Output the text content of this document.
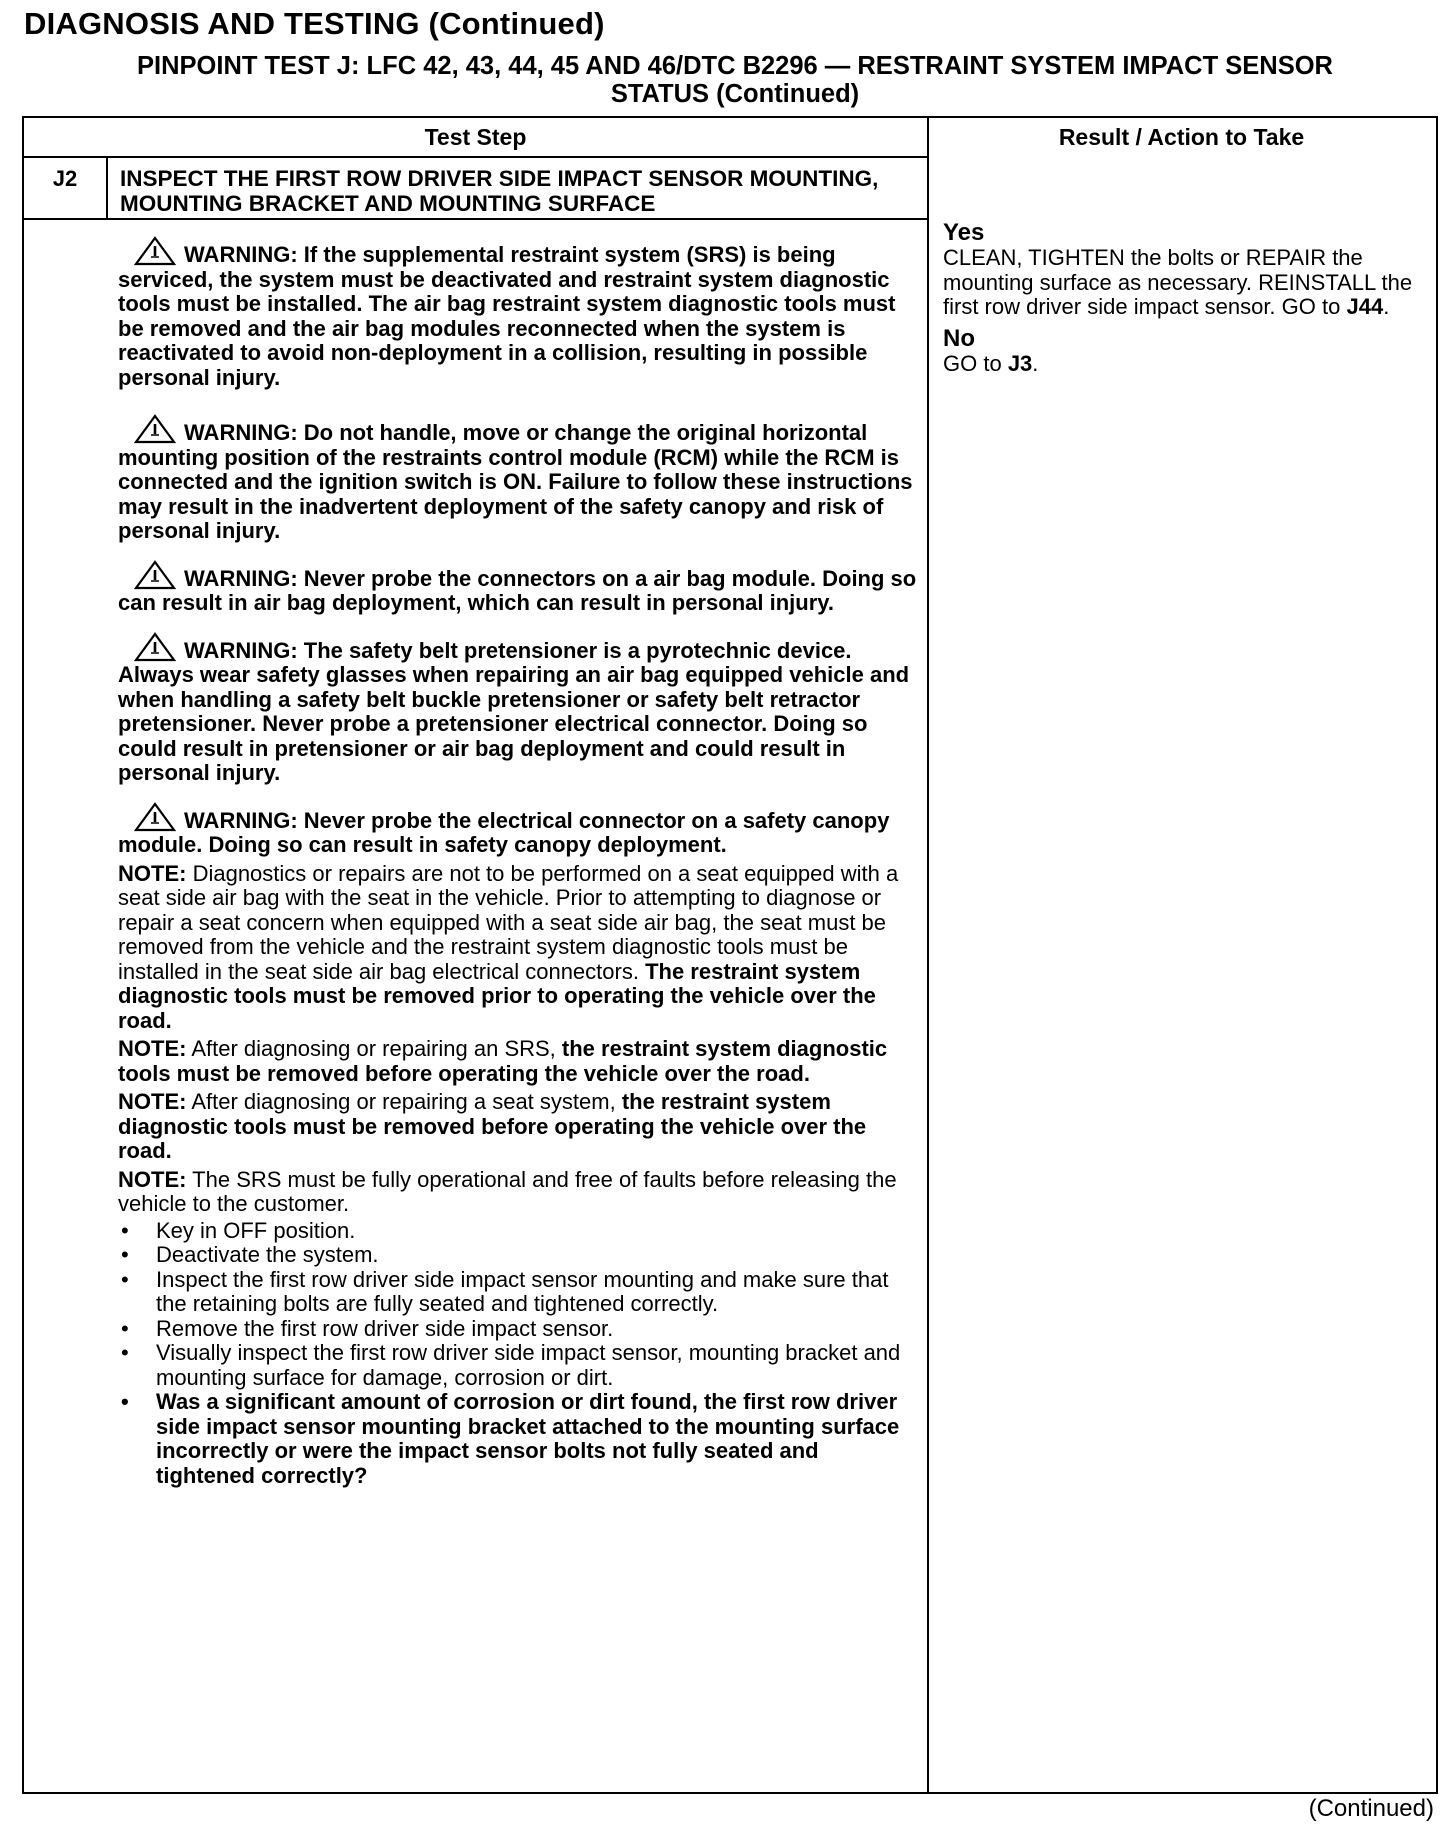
DIAGNOSIS AND TESTING (Continued)
PINPOINT TEST J: LFC 42, 43, 44, 45 AND 46/DTC B2296 — RESTRAINT SYSTEM IMPACT SENSOR
STATUS (Continued)
Test Step	Result / Action to Take
J2	INSPECT THE FIRST ROW DRIVER SIDE IMPACT SENSOR MOUNTING, MOUNTING BRACKET AND MOUNTING SURFACE
WARNING: If the supplemental restraint system (SRS) is being serviced, the system must be deactivated and restraint system diagnostic tools must be installed. The air bag restraint system diagnostic tools must be removed and the air bag modules reconnected when the system is reactivated to avoid non-deployment in a collision, resulting in possible personal injury.
WARNING: Do not handle, move or change the original horizontal mounting position of the restraints control module (RCM) while the RCM is connected and the ignition switch is ON. Failure to follow these instructions may result in the inadvertent deployment of the safety canopy and risk of personal injury.
WARNING: Never probe the connectors on a air bag module. Doing so can result in air bag deployment, which can result in personal injury.
WARNING: The safety belt pretensioner is a pyrotechnic device. Always wear safety glasses when repairing an air bag equipped vehicle and when handling a safety belt buckle pretensioner or safety belt retractor pretensioner. Never probe a pretensioner electrical connector. Doing so could result in pretensioner or air bag deployment and could result in personal injury.
WARNING: Never probe the electrical connector on a safety canopy module. Doing so can result in safety canopy deployment.
NOTE: Diagnostics or repairs are not to be performed on a seat equipped with a seat side air bag with the seat in the vehicle. Prior to attempting to diagnose or repair a seat concern when equipped with a seat side air bag, the seat must be removed from the vehicle and the restraint system diagnostic tools must be installed in the seat side air bag electrical connectors. The restraint system diagnostic tools must be removed prior to operating the vehicle over the road.
NOTE: After diagnosing or repairing an SRS, the restraint system diagnostic tools must be removed before operating the vehicle over the road.
NOTE: After diagnosing or repairing a seat system, the restraint system diagnostic tools must be removed before operating the vehicle over the road.
NOTE: The SRS must be fully operational and free of faults before releasing the vehicle to the customer.
• Key in OFF position.
• Deactivate the system.
• Inspect the first row driver side impact sensor mounting and make sure that the retaining bolts are fully seated and tightened correctly.
• Remove the first row driver side impact sensor.
• Visually inspect the first row driver side impact sensor, mounting bracket and mounting surface for damage, corrosion or dirt.
• Was a significant amount of corrosion or dirt found, the first row driver side impact sensor mounting bracket attached to the mounting surface incorrectly or were the impact sensor bolts not fully seated and tightened correctly?
Yes
CLEAN, TIGHTEN the bolts or REPAIR the mounting surface as necessary. REINSTALL the first row driver side impact sensor. GO to J44.
No
GO to J3.
(Continued)
